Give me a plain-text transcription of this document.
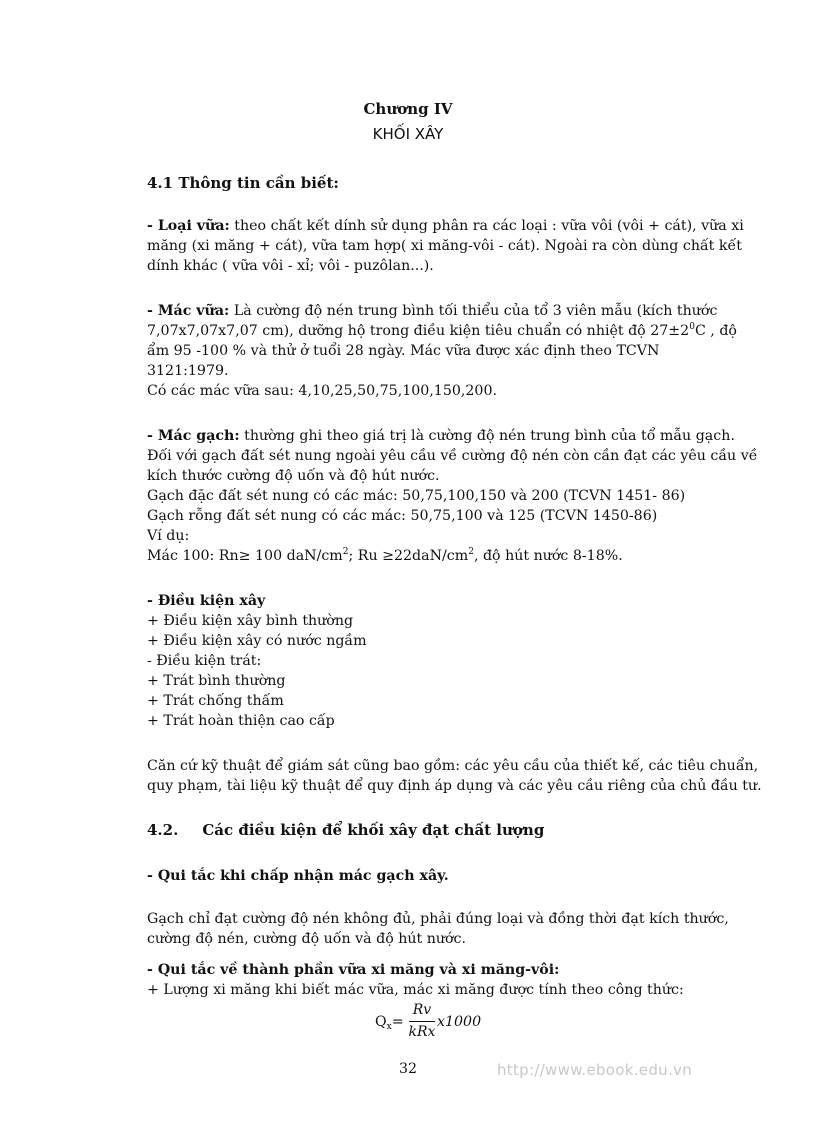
Chương IV
KHỐI XÂY
4.1 Thông tin cần biết:
- Loại vữa: theo chất kết dính sử dụng phân ra các loại : vữa vôi (vôi + cát), vữa xi
măng (xi măng + cát), vữa tam hợp( xi măng-vôi - cát). Ngoài ra còn dùng chất kết
dính khác ( vữa vôi - xỉ; vôi - puzôlan...).
- Mác vữa: Là cường độ nén trung bình tối thiểu của tổ 3 viên mẫu (kích thước
7,07x7,07x7,07 cm), dưỡng hộ trong điều kiện tiêu chuẩn có nhiệt độ $27\pm 2^0C$ , độ
ẩm 95 -100 % và thử ở tuổi 28 ngày. Mác vữa được xác định theo TCVN
3121:1979.
Có các mác vữa sau: 4,10,25,50,75,100,150,200.
- Mác gạch: thường ghi theo giá trị là cường độ nén trung bình của tổ mẫu gạch.
Đối với gạch đất sét nung ngoài yêu cầu về cường độ nén còn cần đạt các yêu cầu về
kích thước cường độ uốn và độ hút nước.
Gạch đặc đất sét nung có các mác: 50,75,100,150 và 200 (TCVN 1451- 86)
Gạch rỗng đất sét nung có các mác: 50,75,100 và 125 (TCVN 1450-86)
Ví dụ:
Mác 100: Rn≥ 100 daN/$cm^2$; $Ru \ge 22daN/cm^2$, độ hút nước 8-18%.
- Điều kiện xây
+ Điều kiện xây bình thường
+ Điều kiện xây có nước ngầm
- Điều kiện trát:
+ Trát bình thường
+ Trát chống thấm
+ Trát hoàn thiện cao cấp
Căn cứ kỹ thuật để giám sát cũng bao gồm: các yêu cầu của thiết kế, các tiêu chuẩn,
quy phạm, tài liệu kỹ thuật để quy định áp dụng và các yêu cầu riêng của chủ đầu tư.
4.2. Các điều kiện để khối xây đạt chất lượng
- Qui tắc khi chấp nhận mác gạch xây.
Gạch chỉ đạt cường độ nén không đủ, phải đúng loại và đồng thời đạt kích thước,
cường độ nén, cường độ uốn và độ hút nước.
- Qui tắc về thành phần vữa xi măng và xi măng-vôi:
+ Lượng xi măng khi biết mác vữa, mác xi măng được tính theo công thức:
$Q_x=$
Rv
kRx
x1000
32	http://www.ebook.edu.vn
